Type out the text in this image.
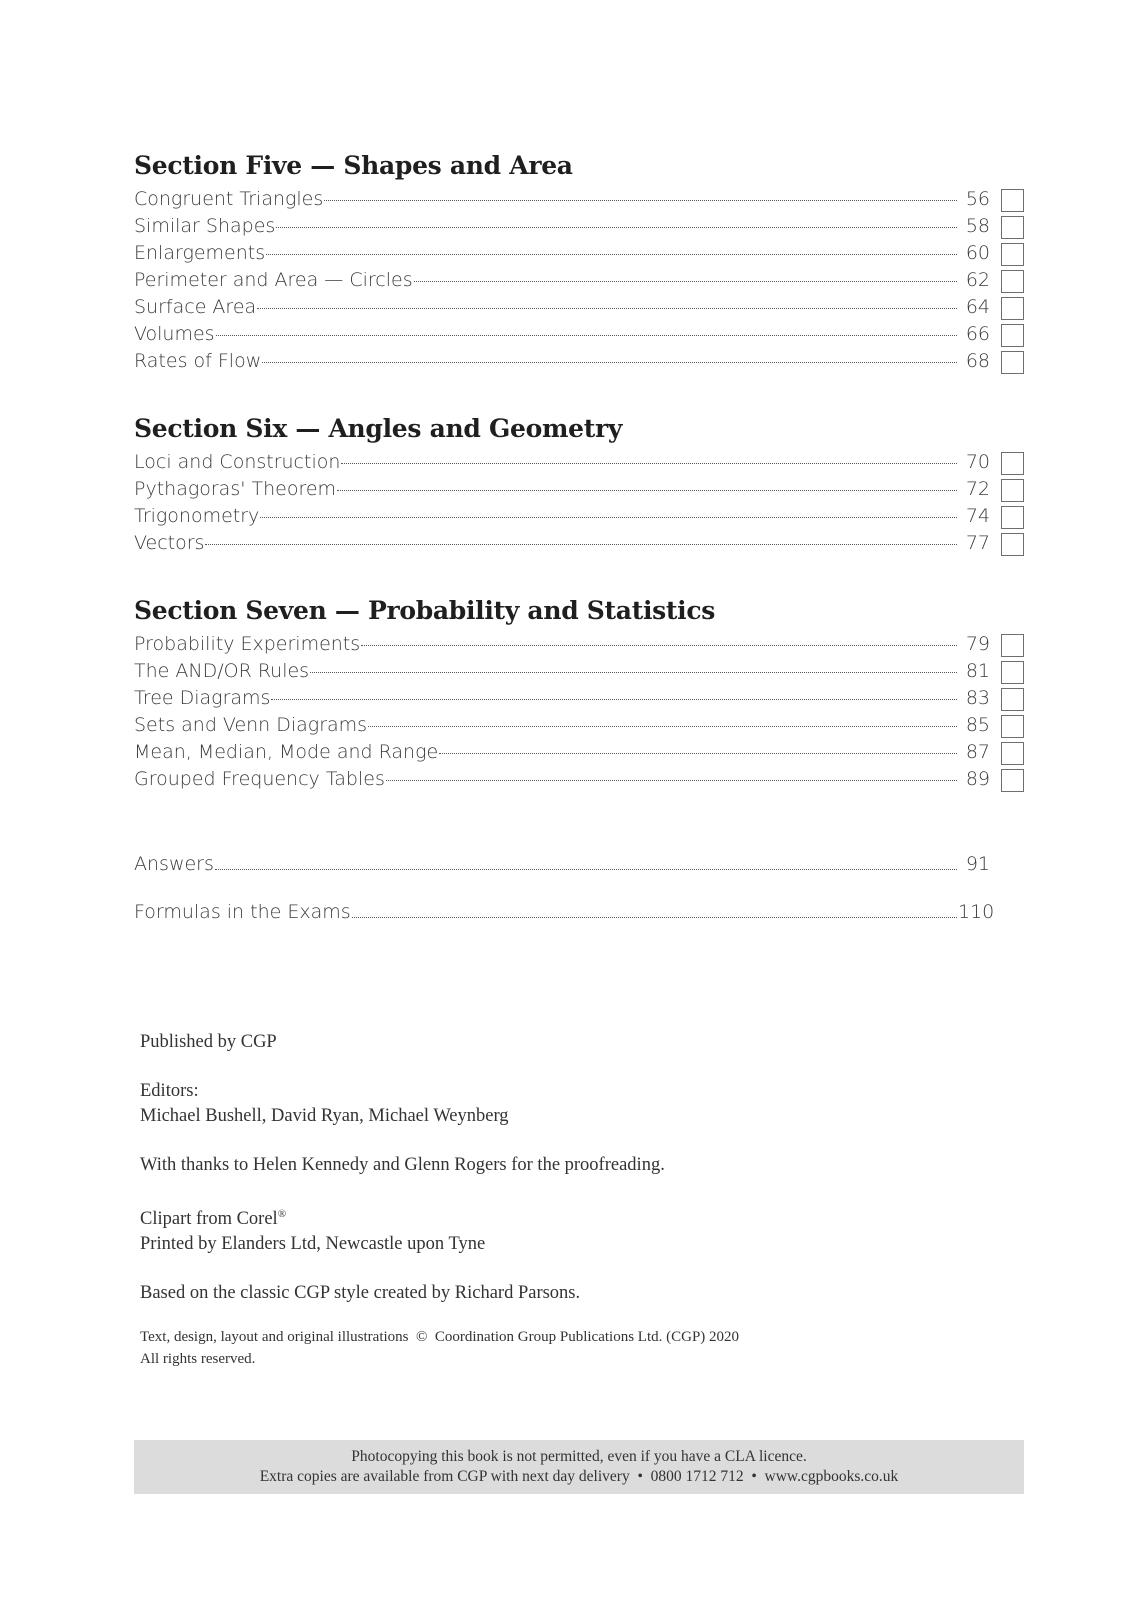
Section Five — Shapes and Area
Congruent Triangles	56
Similar Shapes	58
Enlargements	60
Perimeter and Area — Circles	62
Surface Area	64
Volumes	66
Rates of Flow	68
Section Six — Angles and Geometry
Loci and Construction	70
Pythagoras' Theorem	72
Trigonometry	74
Vectors	77
Section Seven — Probability and Statistics
Probability Experiments	79
The AND/OR Rules	81
Tree Diagrams	83
Sets and Venn Diagrams	85
Mean, Median, Mode and Range	87
Grouped Frequency Tables	89
Answers	91
Formulas in the Exams	110

Published by CGP

Editors:
Michael Bushell, David Ryan, Michael Weynberg

With thanks to Helen Kennedy and Glenn Rogers for the proofreading.

Clipart from Corel®
Printed by Elanders Ltd, Newcastle upon Tyne

Based on the classic CGP style created by Richard Parsons.

Text, design, layout and original illustrations  ©  Coordination Group Publications Ltd. (CGP) 2020
All rights reserved.

Photocopying this book is not permitted, even if you have a CLA licence.
Extra copies are available from CGP with next day delivery  •  0800 1712 712  •  www.cgpbooks.co.uk
